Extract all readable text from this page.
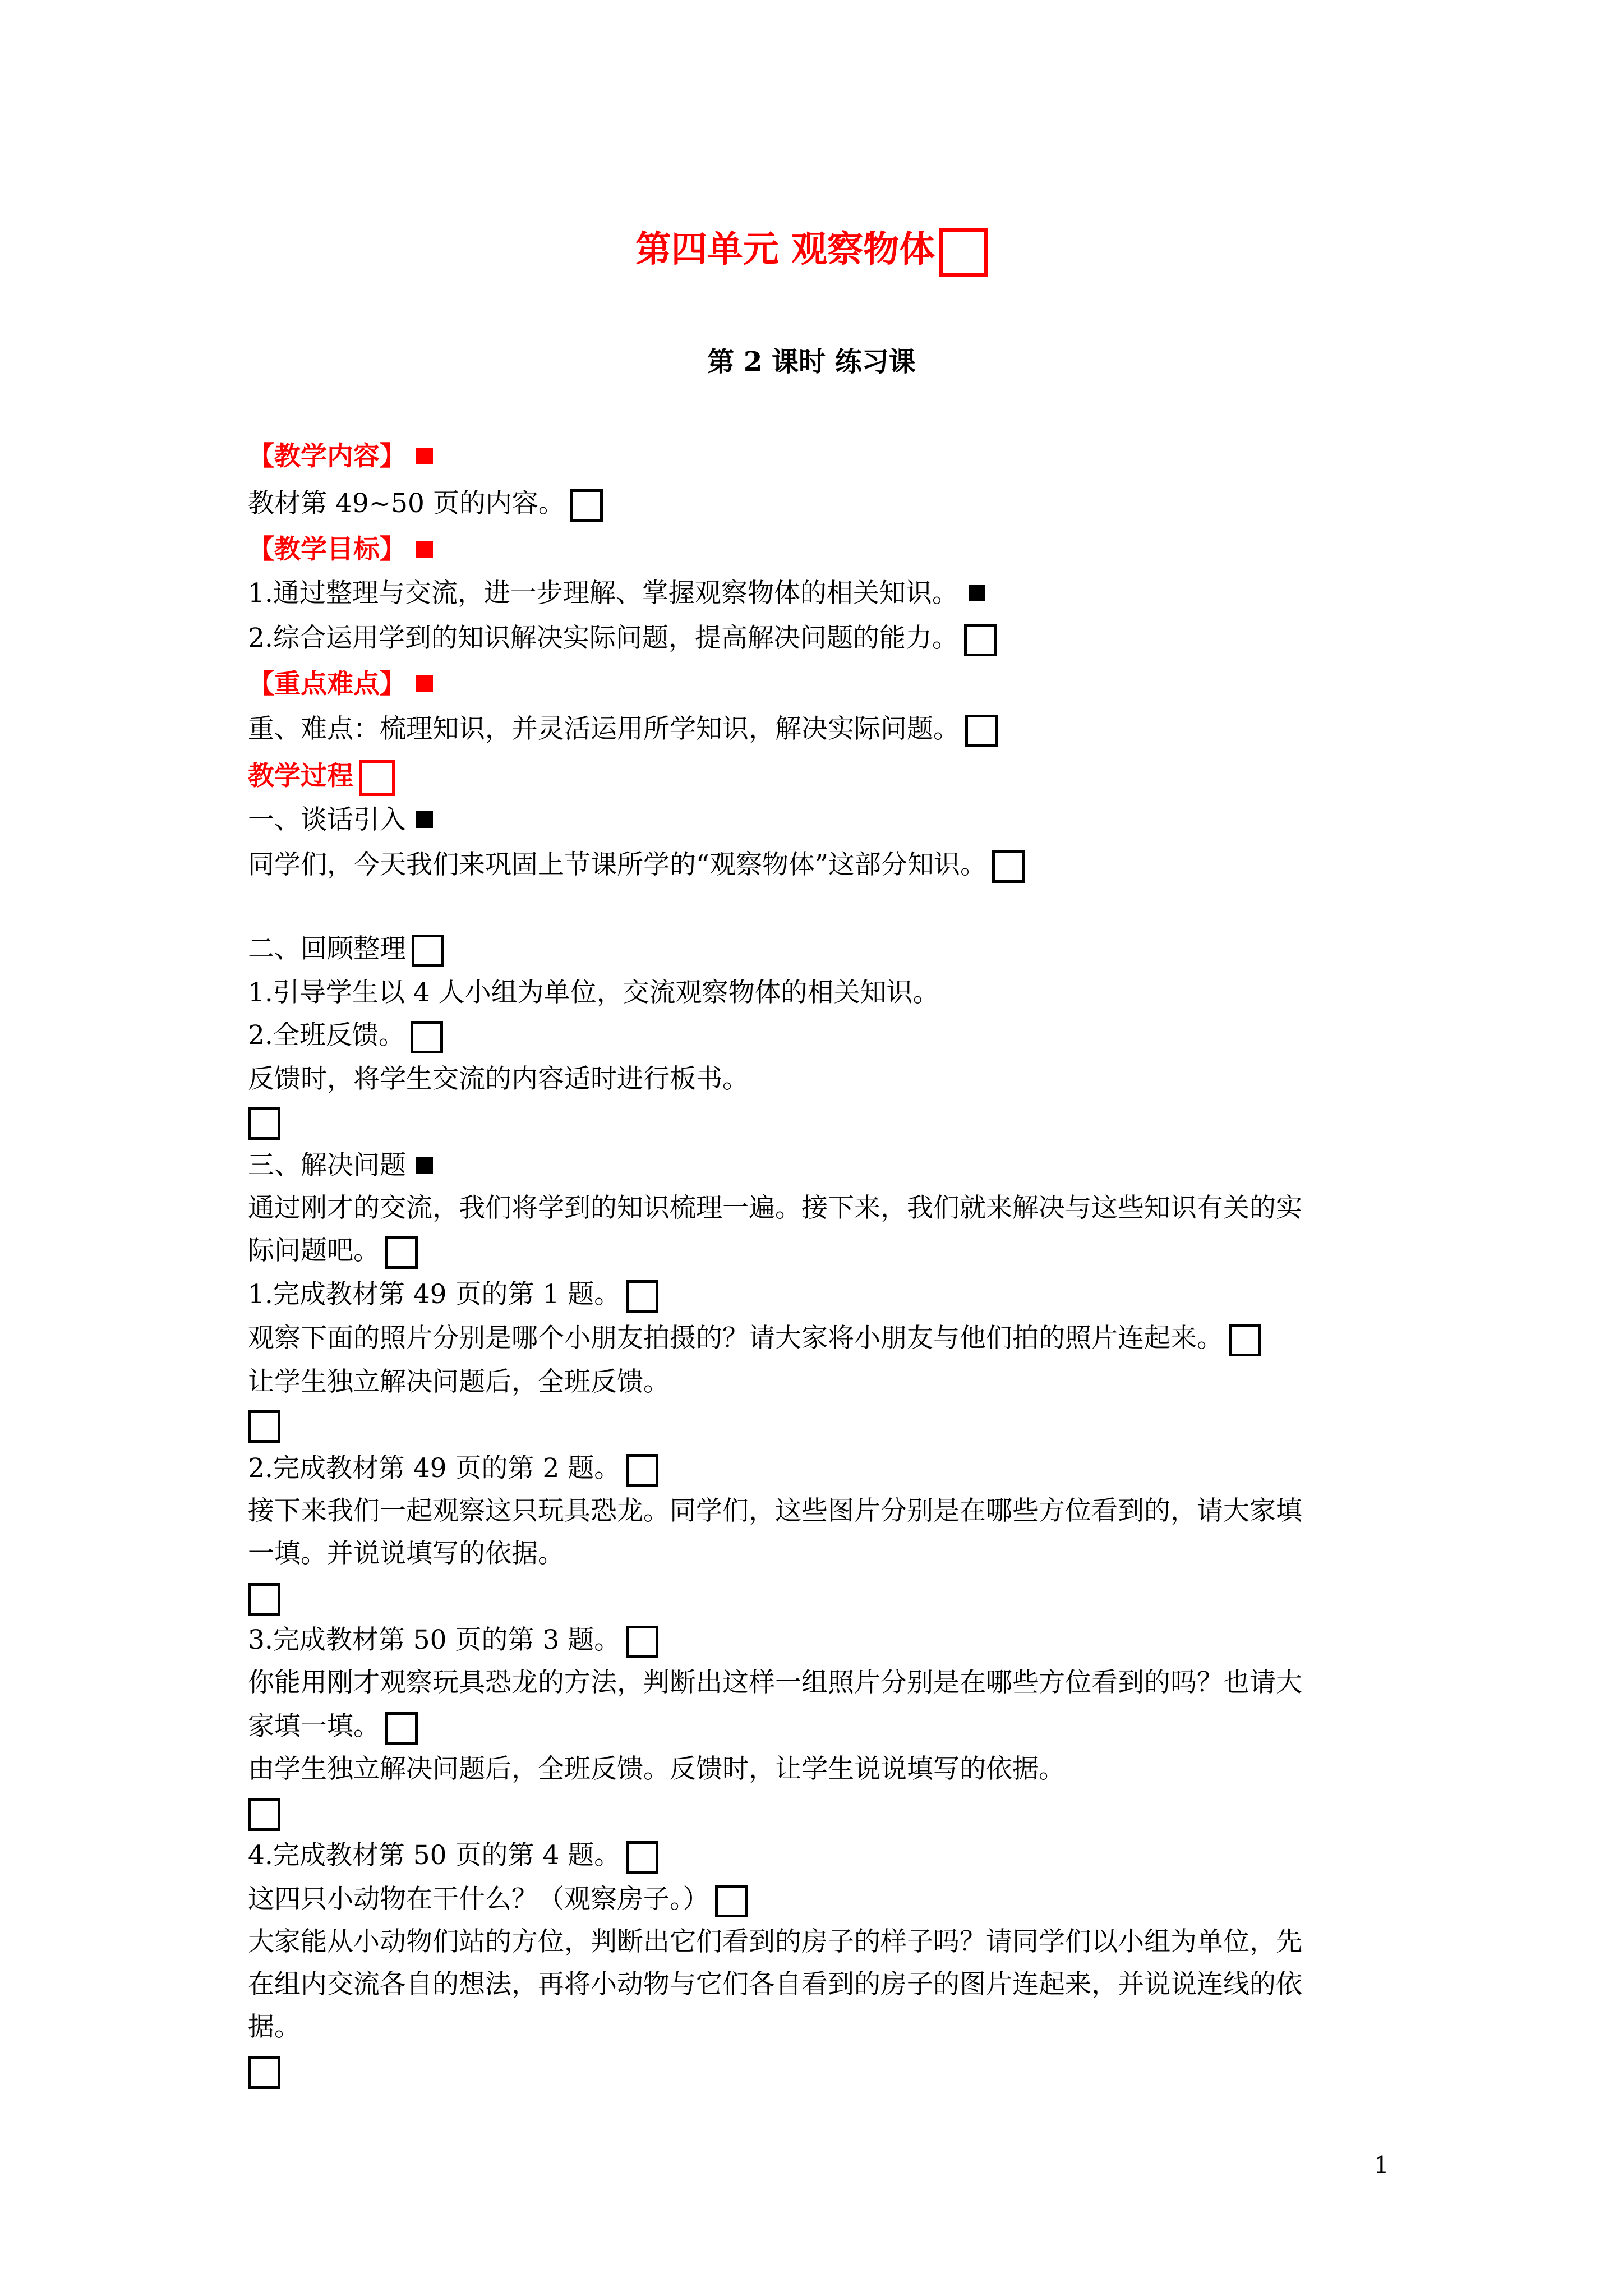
第四单元 观察物体
第 2 课时 练习课
【教学内容】
教材第 49~50 页的内容。
【教学目标】
1.通过整理与交流，进一步理解、掌握观察物体的相关知识。
2.综合运用学到的知识解决实际问题，提高解决问题的能力。
【重点难点】
重、难点：梳理知识，并灵活运用所学知识，解决实际问题。
教学过程
一、谈话引入
同学们，今天我们来巩固上节课所学的“观察物体”这部分知识。
二、回顾整理
1.引导学生以 4 人小组为单位，交流观察物体的相关知识。
2.全班反馈。
反馈时，将学生交流的内容适时进行板书。
三、解决问题
通过刚才的交流，我们将学到的知识梳理一遍。接下来，我们就来解决与这些知识有关的实
际问题吧。
1.完成教材第 49 页的第 1 题。
观察下面的照片分别是哪个小朋友拍摄的？请大家将小朋友与他们拍的照片连起来。
让学生独立解决问题后，全班反馈。
2.完成教材第 49 页的第 2 题。
接下来我们一起观察这只玩具恐龙。同学们，这些图片分别是在哪些方位看到的，请大家填
一填。并说说填写的依据。
3.完成教材第 50 页的第 3 题。
你能用刚才观察玩具恐龙的方法，判断出这样一组照片分别是在哪些方位看到的吗？也请大
家填一填。
由学生独立解决问题后，全班反馈。反馈时，让学生说说填写的依据。
4.完成教材第 50 页的第 4 题。
这四只小动物在干什么？（观察房子。）
大家能从小动物们站的方位，判断出它们看到的房子的样子吗？请同学们以小组为单位，先
在组内交流各自的想法，再将小动物与它们各自看到的房子的图片连起来，并说说连线的依
据。
1
